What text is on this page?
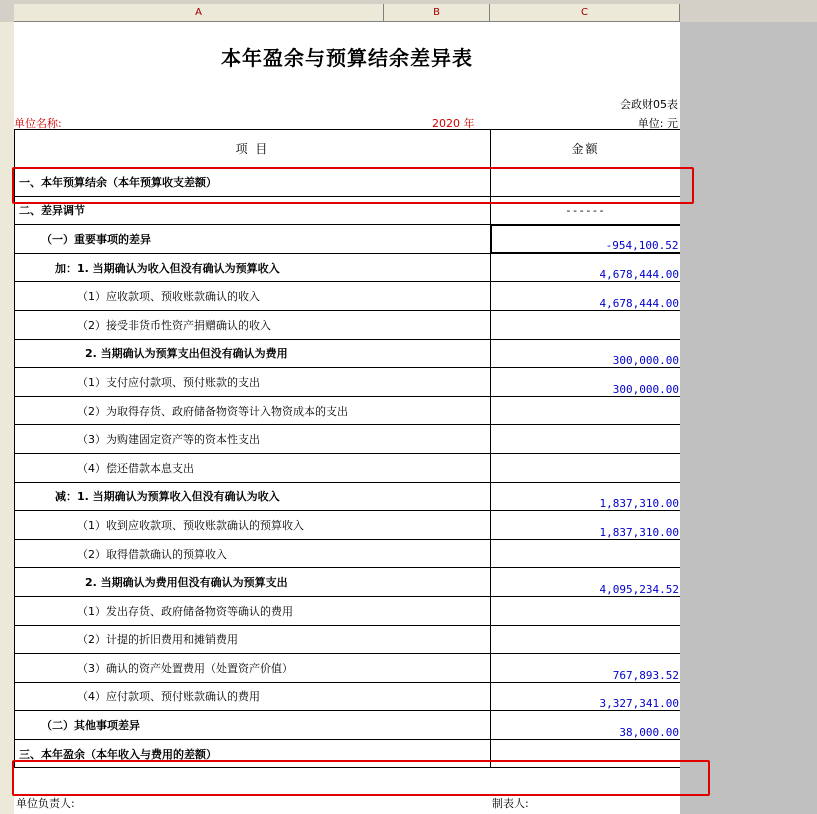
A	B	C
本年盈余与预算结余差异表
会政财05表
单位名称:	2020 年	单位: 元
项 目	金额
一、本年预算结余（本年预算收支差额）	
二、差异调节	------
（一）重要事项的差异	-954,100.52
加：1. 当期确认为收入但没有确认为预算收入	4,678,444.00
（1）应收款项、预收账款确认的收入	4,678,444.00
（2）接受非货币性资产捐赠确认的收入	
2. 当期确认为预算支出但没有确认为费用	300,000.00
（1）支付应付款项、预付账款的支出	300,000.00
（2）为取得存货、政府储备物资等计入物资成本的支出	
（3）为购建固定资产等的资本性支出	
（4）偿还借款本息支出	
减：1. 当期确认为预算收入但没有确认为收入	1,837,310.00
（1）收到应收款项、预收账款确认的预算收入	1,837,310.00
（2）取得借款确认的预算收入	
2. 当期确认为费用但没有确认为预算支出	4,095,234.52
（1）发出存货、政府储备物资等确认的费用	
（2）计提的折旧费用和摊销费用	
（3）确认的资产处置费用（处置资产价值）	767,893.52
（4）应付款项、预付账款确认的费用	3,327,341.00
（二）其他事项差异	38,000.00
三、本年盈余（本年收入与费用的差额）	
单位负责人:	制表人:
